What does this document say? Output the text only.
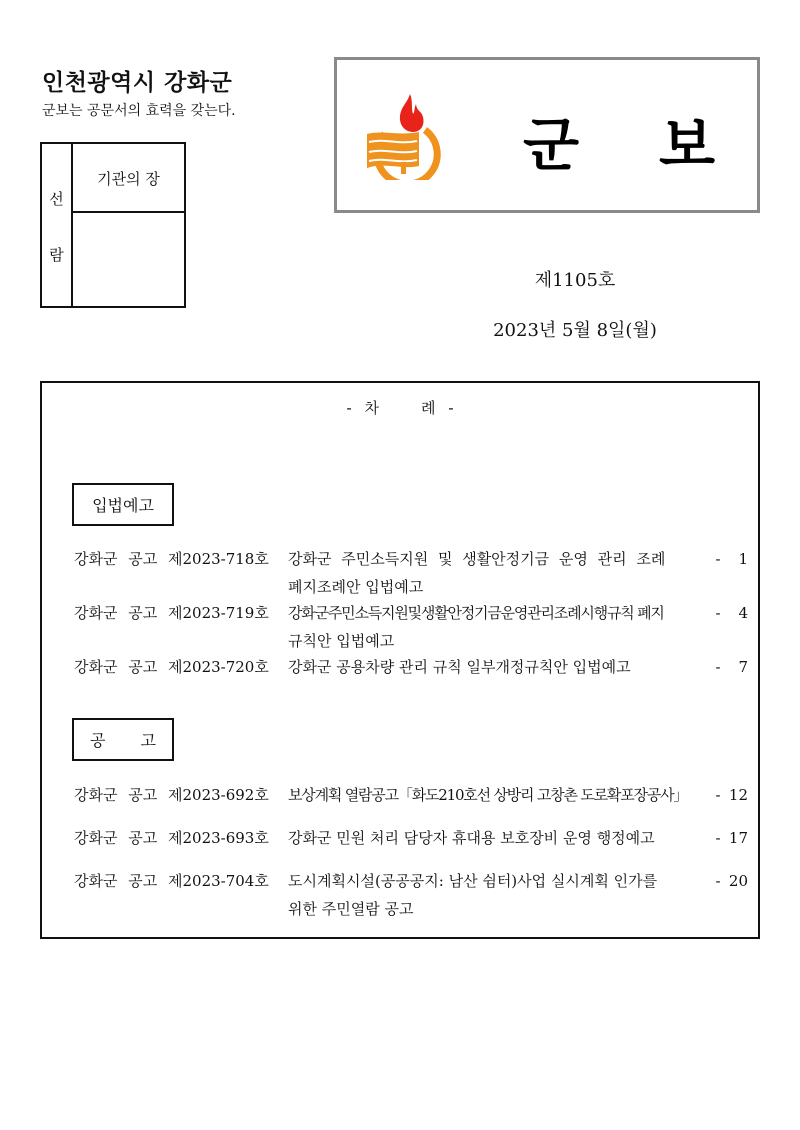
인천광역시 강화군
군보는 공문서의 효력을 갖는다.
선
람
기관의 장	군 보
제1105호
2023년 5월 8일(월)
- 차	례 -
입법예고
강화군 공고 제2023-718호 강화군 주민소득지원 및 생활안정기금 운영 관리 조례
폐지조례안 입법예고
-	1
강화군 공고 제2023-719호 강화군주민소득지원및생활안정기금운영관리조례시행규칙 폐지
규칙안 입법예고
-	4
강화군 공고 제2023-720호 강화군 공용차량 관리 규칙 일부개정규칙안 입법예고	-	7
공 고
강화군 공고 제2023-692호 보상계획 열람공고「화도210호선 상방리 고창촌 도로확포장공사」	- 12
강화군 공고 제2023-693호 강화군 민원 처리 담당자 휴대용 보호장비 운영 행정예고	- 17
강화군 공고 제2023-704호 도시계획시설(공공공지: 남산 쉼터)사업 실시계획 인가를
위한 주민열람 공고
- 20
